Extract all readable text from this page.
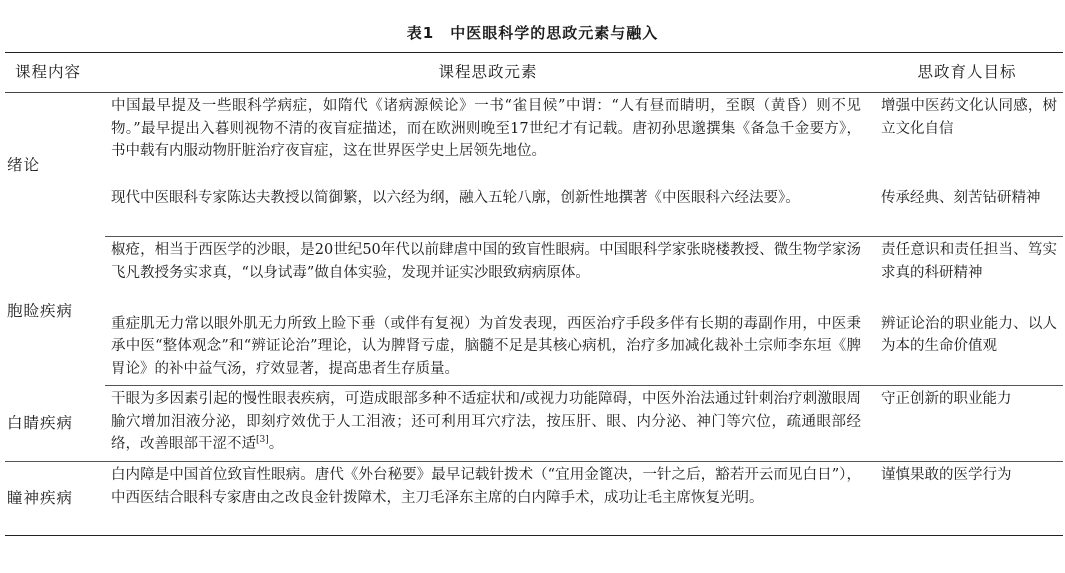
表1　中医眼科学的思政元素与融入
课程内容	课程思政元素	思政育人目标
绪论	中国最早提及一些眼科学病症，如隋代《诸病源候论》一书“雀目候”中谓：“人有昼而睛明，至瞑（黄昏）则不见物。”最早提出入暮则视物不清的夜盲症描述，而在欧洲则晚至17世纪才有记载。唐初孙思邈撰集《备急千金要方》，书中载有内服动物肝脏治疗夜盲症，这在世界医学史上居领先地位。	增强中医药文化认同感，树立文化自信
	现代中医眼科专家陈达夫教授以简御繁，以六经为纲，融入五轮八廓，创新性地撰著《中医眼科六经法要》。	传承经典、刻苦钻研精神
胞睑疾病	椒疮，相当于西医学的沙眼，是20世纪50年代以前肆虐中国的致盲性眼病。中国眼科学家张晓楼教授、微生物学家汤飞凡教授务实求真，“以身试毒”做自体实验，发现并证实沙眼致病病原体。	责任意识和责任担当、笃实求真的科研精神
	重症肌无力常以眼外肌无力所致上睑下垂（或伴有复视）为首发表现，西医治疗手段多伴有长期的毒副作用，中医秉承中医“整体观念”和“辨证论治”理论，认为脾肾亏虚，脑髓不足是其核心病机，治疗多加减化裁补土宗师李东垣《脾胃论》的补中益气汤，疗效显著，提高患者生存质量。	辨证论治的职业能力、以人为本的生命价值观
白睛疾病	干眼为多因素引起的慢性眼表疾病，可造成眼部多种不适症状和/或视力功能障碍，中医外治法通过针刺治疗刺激眼周腧穴增加泪液分泌，即刻疗效优于人工泪液；还可利用耳穴疗法，按压肝、眼、内分泌、神门等穴位，疏通眼部经络，改善眼部干涩不适[3]。	守正创新的职业能力
瞳神疾病	白内障是中国首位致盲性眼病。唐代《外台秘要》最早记载针拨术（“宜用金篦决，一针之后，豁若开云而见白日”），中西医结合眼科专家唐由之改良金针拨障术，主刀毛泽东主席的白内障手术，成功让毛主席恢复光明。	谨慎果敢的医学行为
